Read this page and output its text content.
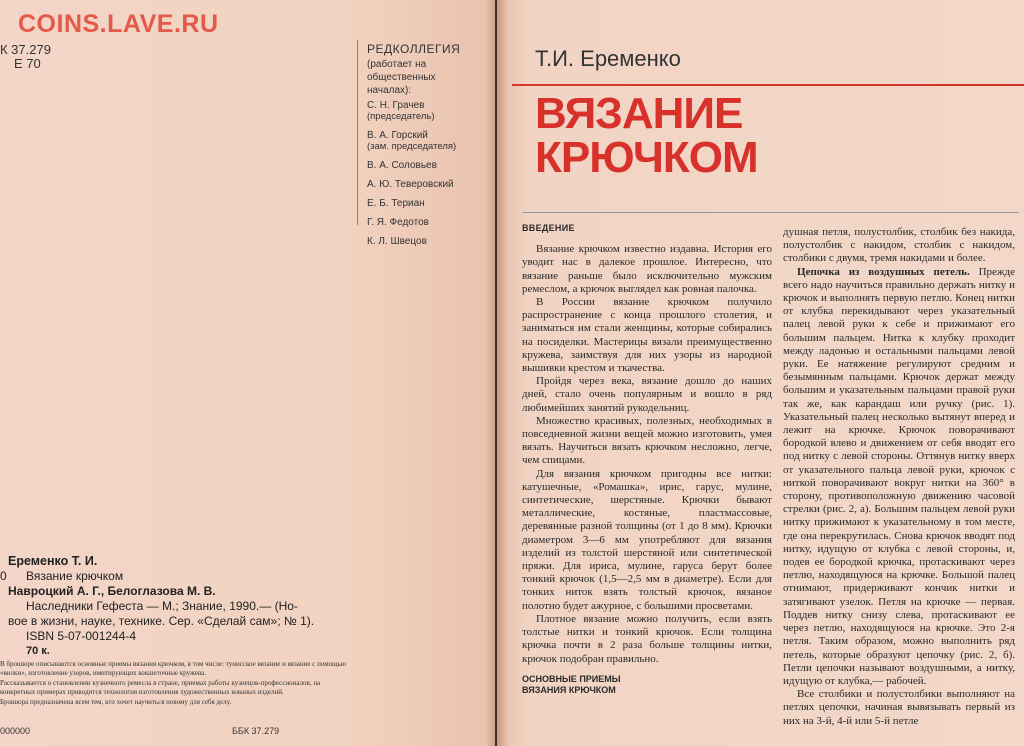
COINS.LAVE.RU
К 37.279
Е 70
РЕДКОЛЛЕГИЯ
(работает на общественных началах):
С. Н. Грачев
(председатель)
В. А. Горский
(зам. председателя)
В. А. Соловьев
А. Ю. Теверовский
Е. Б. Териан
Г. Я. Федотов
К. Л. Швецов
Еременко Т. И.
0 Вязание крючком
Навроцкий А. Г., Белоглазова М. В.
Наследники Гефеста — М.; Знание, 1990.— (Но-
вое в жизни, науке, технике. Сер. «Сделай сам»; № 1).
ISBN 5-07-001244-4
70 к.

В брошюре описываются основные приемы вязания крючком, в том числе: тунисское вязание и вязание с помощью «вилки», изготовление узоров, имитирующих кокшеточные кружева.

Рассказывается о становлении кузнечного ремесла в стране, приемах работы кузнецов-профессионалов, на конкретных примерах приводится технология изготовления художественных кованых изделий.

Брошюра предназначена всем тем, кто хочет научиться новому для себя делу.

000000	ББК 37.279
Т.И. Еременко
ВЯЗАНИЕ
КРЮЧКОМ

ВВЕДЕНИЕ

Вязание крючком известно издавна. История его уводит нас в далекое прошлое. Интересно, что вязание раньше было исключительно мужским ремеслом, а крючок выглядел как ровная палочка.

В России вязание крючком получило распространение с конца прошлого столетия, и заниматься им стали женщины, которые собирались на посиделки. Мастерицы вязали преимущественно кружева, заимствуя для них узоры из народной вышивки крестом и ткачества.

Пройдя через века, вязание дошло до наших дней, стало очень популярным и вошло в ряд любимейших занятий рукодельниц.

Множество красивых, полезных, необходимых в повседневной жизни вещей можно изготовить, умея вязать. Научиться вязать крючком несложно, легче, чем спицами.

Для вязания крючком пригодны все нитки: катушечные, «Ромашка», ирис, гарус, мулине, синтетические, шерстяные. Крючки бывают металлические, костяные, пластмассовые, деревянные разной толщины (от 1 до 8 мм). Крючки диаметром 3—6 мм употребляют для вязания изделий из толстой шерстяной или синтетической пряжи. Для ириса, мулине, гаруса берут более тонкий крючок (1,5—2,5 мм в диаметре). Если для тонких ниток взять толстый крючок, вязаное полотно будет ажурное, с большими просветами.

Плотное вязание можно получить, если взять толстые нитки и тонкий крючок. Если толщина крючка почти в 2 раза больше толщины нитки, крючок подобран правильно.

ОСНОВНЫЕ ПРИЕМЫ

ВЯЗАНИЯ КРЮЧКОМ

душная петля, полустолбик, столбик без накида, полустолбик с накидом, столбик с накидом, столбики с двумя, тремя накидами и более.

Цепочка из воздушных петель. Прежде всего надо научиться правильно держать нитку и крючок и выполнять первую петлю. Конец нитки от клубка перекидывают через указательный палец левой руки к себе и прижимают его большим пальцем. Нитка к клубку проходит между ладонью и остальными пальцами левой руки. Ее натяжение регулируют средним и безымянным пальцами. Крючок держат между большим и указательным пальцами правой руки так же, как карандаш или ручку (рис. 1). Указательный палец несколько вытянут вперед и лежит на крючке. Крючок поворачивают бородкой влево и движением от себя вводят его под нитку с левой стороны. Оттянув нитку вверх от указательного пальца левой руки, крючок с ниткой поворачивают вокруг нитки на 360° в сторону, противоположную движению часовой стрелки (рис. 2, а). Большим пальцем левой руки нитку прижимают к указательному в том месте, где она перекрутилась. Снова крючок вводят под нитку, идущую от клубка с левой стороны, и, подев ее бородкой крючка, протаскивают через петлю, находящуюся на крючке. Большой палец отнимают, придерживают кончик нитки и затягивают узелок. Петля на крючке — первая. Поддев нитку снизу слева, протаскивают ее через петлю, находящуюся на крючке. Это 2-я петля. Таким образом, можно выполнить ряд петель, которые образуют цепочку (рис. 2, б). Петли цепочки называют воздушными, а нитку, идущую от клубка,— рабочей.

Все столбики и полустолбики выполняют на петлях цепочки, начиная вывязывать первый из них на 3-й, 4-й или 5-й петле
